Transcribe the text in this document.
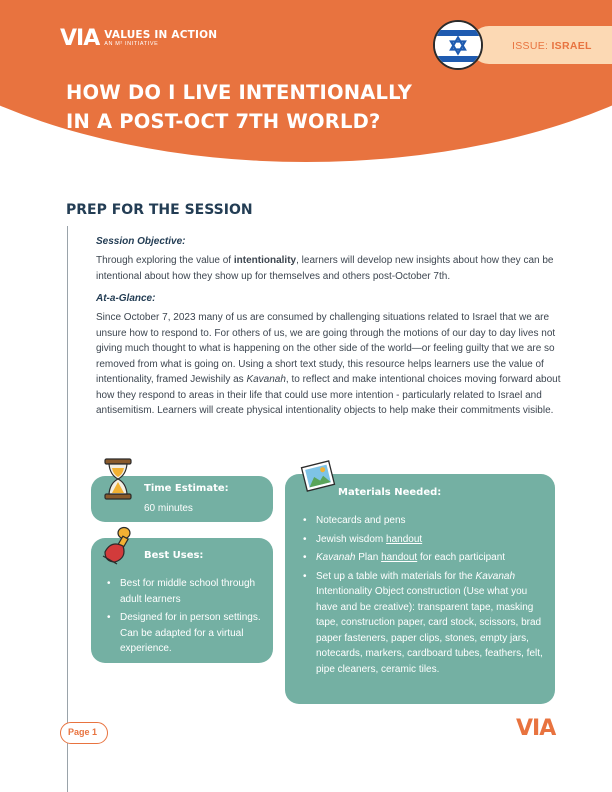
VIA VALUES IN ACTION
AN M² INITIATIVE	ISSUE: ISRAEL
HOW DO I LIVE INTENTIONALLY
IN A POST-OCT 7TH WORLD?
PREP FOR THE SESSION
Session Objective:

Through exploring the value of intentionality, learners will develop new insights about how they can be intentional about how they show up for themselves and others post-October 7th.

At-a-Glance:

Since October 7, 2023 many of us are consumed by challenging situations related to Israel that we are unsure how to respond to. For others of us, we are going through the motions of our day to day lives not giving much thought to what is happening on the other side of the world—or feeling guilty that we are so removed from what is going on. Using a short text study, this resource helps learners use the value of intentionality, framed Jewishily as Kavanah, to reflect and make intentional choices moving forward about how they respond to areas in their life that could use more intention - particularly related to Israel and antisemitism. Learners will create physical intentionality objects to help make their commitments visible.

Time Estimate:
60 minutes
Best Uses:
• Best for middle school through adult learners
• Designed for in person settings. Can be adapted for a virtual experience.
Materials Needed:
• Notecards and pens
• Jewish wisdom handout
• Kavanah Plan handout for each participant
• Set up a table with materials for the Kavanah Intentionality Object construction (Use what you have and be creative): transparent tape, masking tape, construction paper, card stock, scissors, brad paper fasteners, paper clips, stones, empty jars, notecards, markers, cardboard tubes, feathers, felt, pipe cleaners, ceramic tiles.
Page 1	VIA
